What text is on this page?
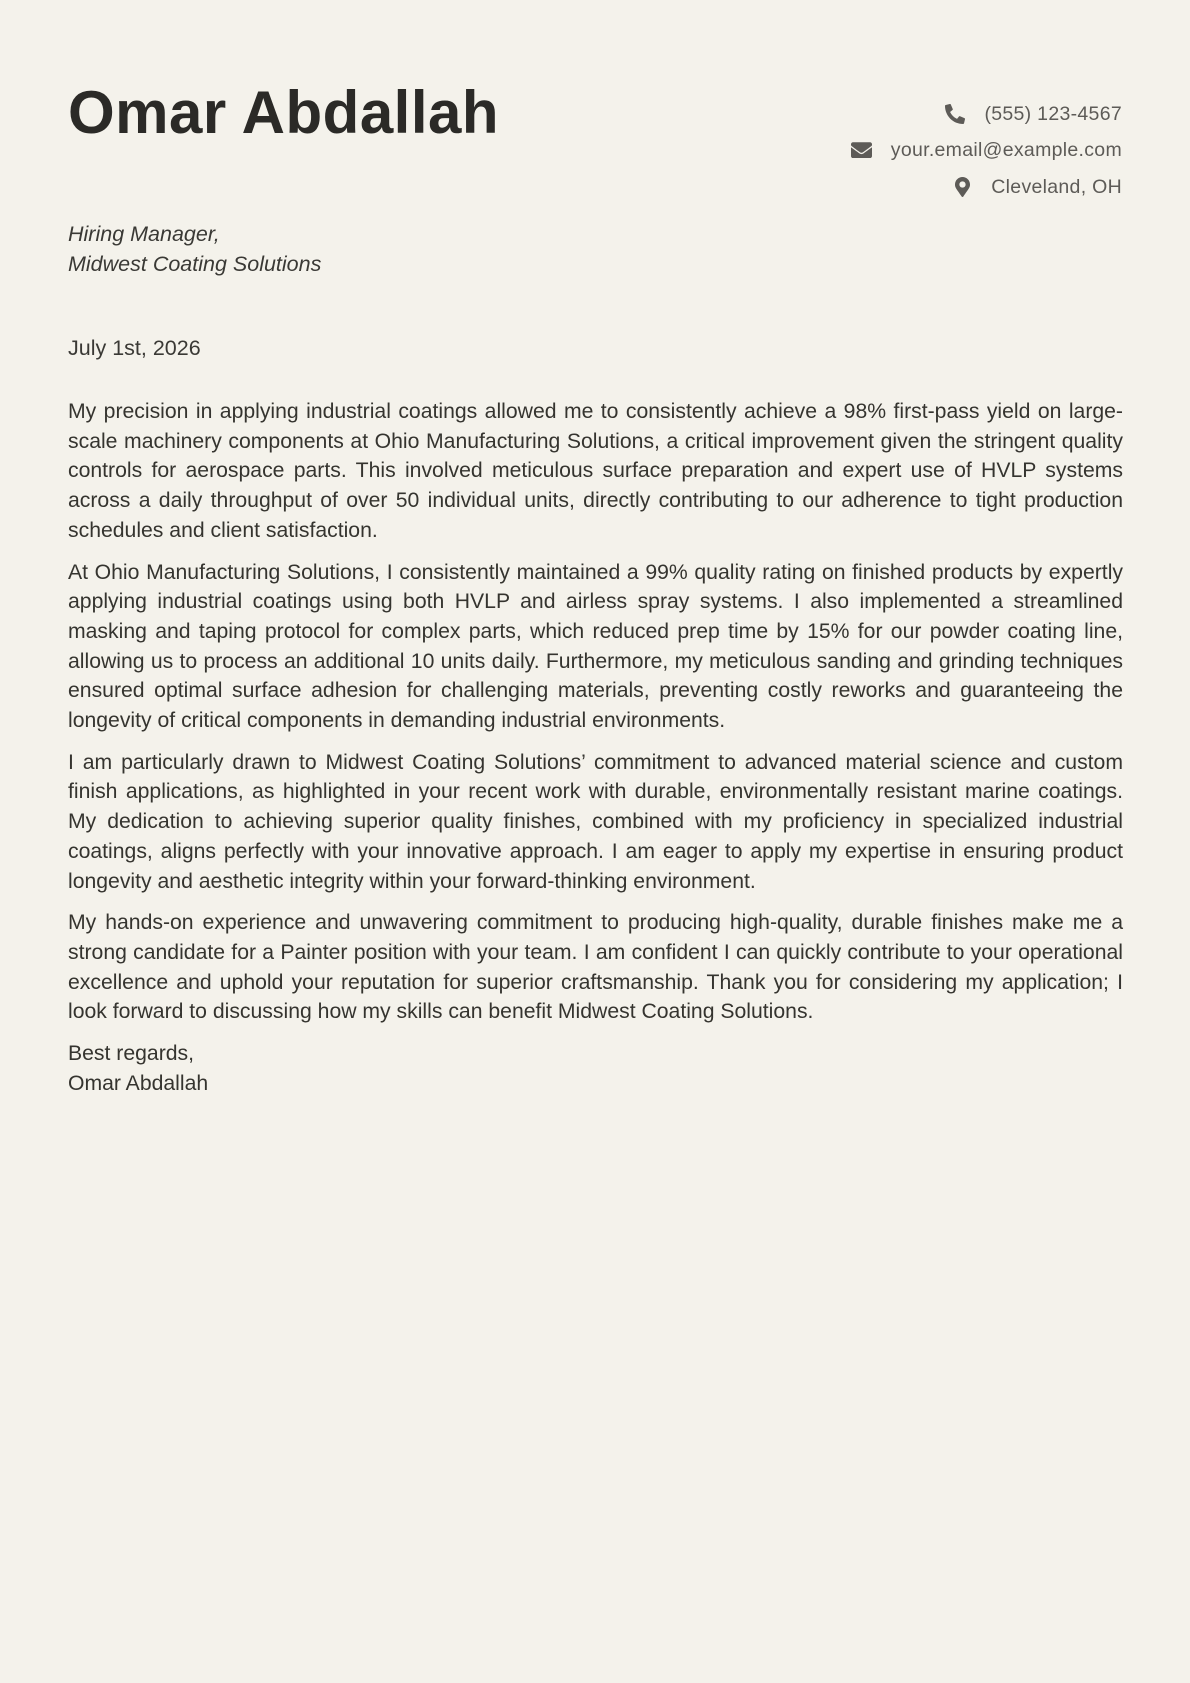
Omar Abdallah	(555) 123-4567
your.email@example.com
Cleveland, OH
Hiring Manager,
Midwest Coating Solutions
July 1st, 2026

My precision in applying industrial coatings allowed me to consistently achieve a 98% first-pass yield on large-scale machinery components at Ohio Manufacturing Solutions, a critical improvement given the stringent quality controls for aerospace parts. This involved meticulous surface preparation and expert use of HVLP systems across a daily throughput of over 50 individual units, directly contributing to our adherence to tight production schedules and client satisfaction.

At Ohio Manufacturing Solutions, I consistently maintained a 99% quality rating on finished products by expertly applying industrial coatings using both HVLP and airless spray systems. I also implemented a streamlined masking and taping protocol for complex parts, which reduced prep time by 15% for our powder coating line, allowing us to process an additional 10 units daily. Furthermore, my meticulous sanding and grinding techniques ensured optimal surface adhesion for challenging materials, preventing costly reworks and guaranteeing the longevity of critical components in demanding industrial environments.

I am particularly drawn to Midwest Coating Solutions’ commitment to advanced material science and custom finish applications, as highlighted in your recent work with durable, environmentally resistant marine coatings. My dedication to achieving superior quality finishes, combined with my proficiency in specialized industrial coatings, aligns perfectly with your innovative approach. I am eager to apply my expertise in ensuring product longevity and aesthetic integrity within your forward-thinking environment.

My hands-on experience and unwavering commitment to producing high-quality, durable finishes make me a strong candidate for a Painter position with your team. I am confident I can quickly contribute to your operational excellence and uphold your reputation for superior craftsmanship. Thank you for considering my application; I look forward to discussing how my skills can benefit Midwest Coating Solutions.

Best regards,
Omar Abdallah
